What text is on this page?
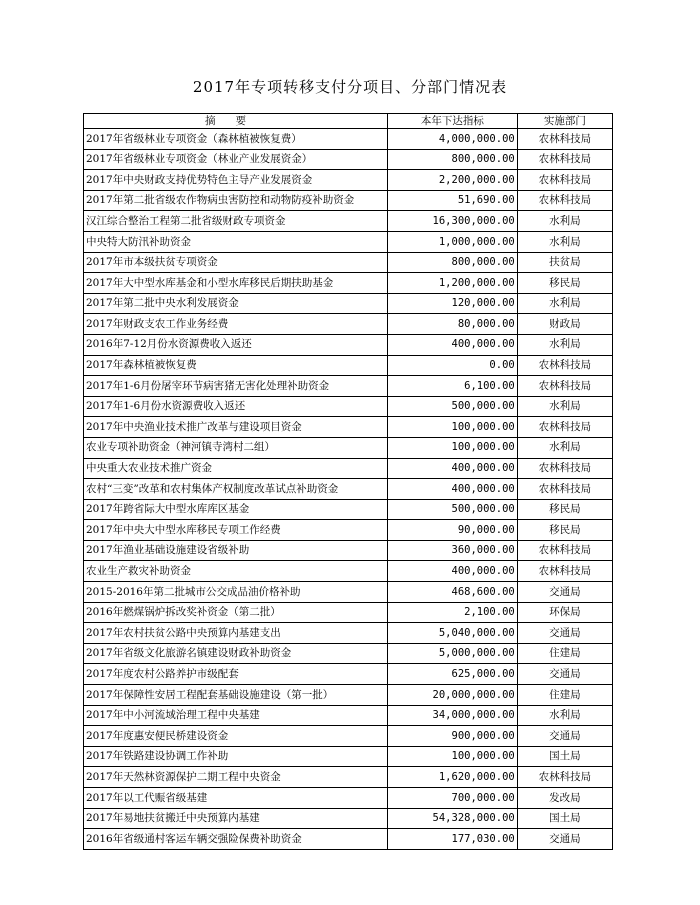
2017年专项转移支付分项目、分部门情况表
摘要	本年下达指标	实施部门
2017年省级林业专项资金（森林植被恢复费）	4,000,000.00	农林科技局
2017年省级林业专项资金（林业产业发展资金）	800,000.00	农林科技局
2017年中央财政支持优势特色主导产业发展资金	2,200,000.00	农林科技局
2017年第二批省级农作物病虫害防控和动物防疫补助资金	51,690.00	农林科技局
汉江综合整治工程第二批省级财政专项资金	16,300,000.00	水利局
中央特大防汛补助资金	1,000,000.00	水利局
2017年市本级扶贫专项资金	800,000.00	扶贫局
2017年大中型水库基金和小型水库移民后期扶助基金	1,200,000.00	移民局
2017年第二批中央水利发展资金	120,000.00	水利局
2017年财政支农工作业务经费	80,000.00	财政局
2016年7-12月份水资源费收入返还	400,000.00	水利局
2017年森林植被恢复费	0.00	农林科技局
2017年1-6月份屠宰环节病害猪无害化处理补助资金	6,100.00	农林科技局
2017年1-6月份水资源费收入返还	500,000.00	水利局
2017年中央渔业技术推广改革与建设项目资金	100,000.00	农林科技局
农业专项补助资金（神河镇寺湾村二组）	100,000.00	水利局
中央重大农业技术推广资金	400,000.00	农林科技局
农村“三变”改革和农村集体产权制度改革试点补助资金	400,000.00	农林科技局
2017年跨省际大中型水库库区基金	500,000.00	移民局
2017年中央大中型水库移民专项工作经费	90,000.00	移民局
2017年渔业基础设施建设省级补助	360,000.00	农林科技局
农业生产救灾补助资金	400,000.00	农林科技局
2015-2016年第二批城市公交成品油价格补助	468,600.00	交通局
2016年燃煤锅炉拆改奖补资金（第二批）	2,100.00	环保局
2017年农村扶贫公路中央预算内基建支出	5,040,000.00	交通局
2017年省级文化旅游名镇建设财政补助资金	5,000,000.00	住建局
2017年度农村公路养护市级配套	625,000.00	交通局
2017年保障性安居工程配套基础设施建设（第一批）	20,000,000.00	住建局
2017年中小河流域治理工程中央基建	34,000,000.00	水利局
2017年度惠安便民桥建设资金	900,000.00	交通局
2017年铁路建设协调工作补助	100,000.00	国土局
2017年天然林资源保护二期工程中央资金	1,620,000.00	农林科技局
2017年以工代赈省级基建	700,000.00	发改局
2017年易地扶贫搬迁中央预算内基建	54,328,000.00	国土局
2016年省级通村客运车辆交强险保费补助资金	177,030.00	交通局
